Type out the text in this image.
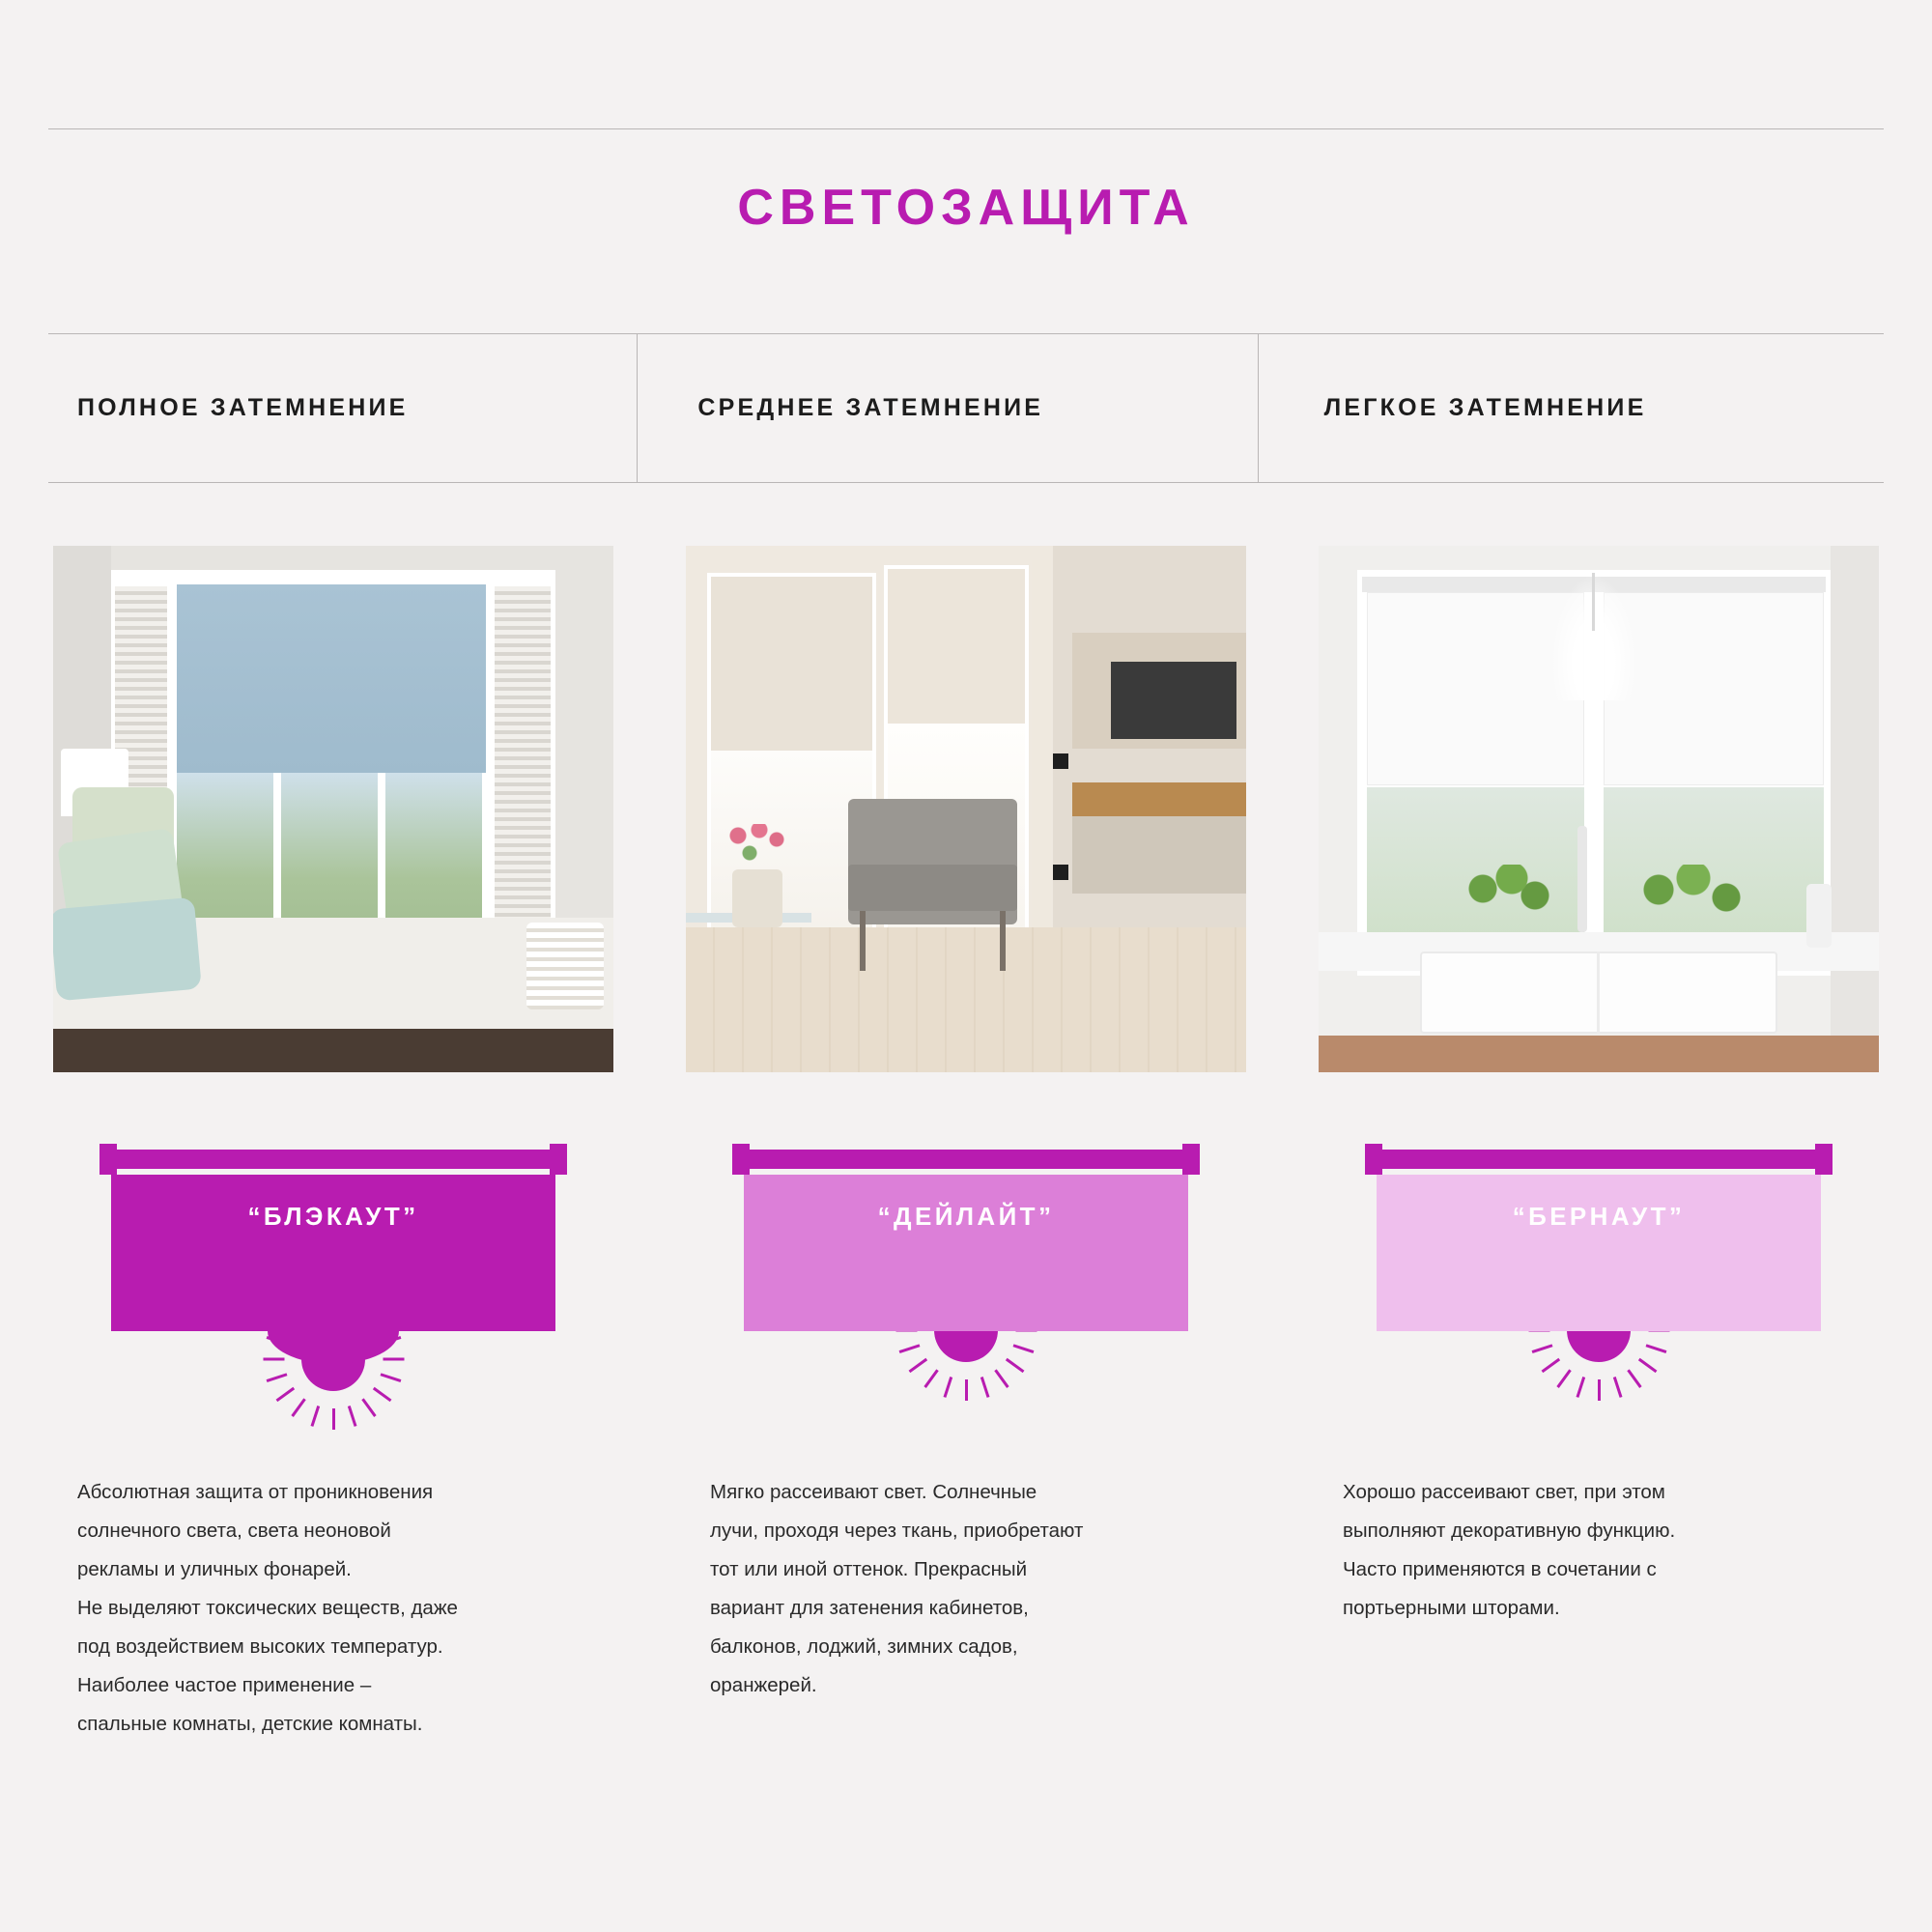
СВЕТОЗАЩИТА
ПОЛНОЕ ЗАТЕМНЕНИЕ	СРЕДНЕЕ ЗАТЕМНЕНИЕ	ЛЕГКОЕ ЗАТЕМНЕНИЕ
“БЛЭКАУТ”

Абсолютная защита от проникновения

солнечного света, света неоновой

рекламы и уличных фонарей.

Не выделяют токсических веществ, даже

под воздействием высоких температур.

Наиболее частое применение –

спальные комнаты, детские комнаты.

“ДЕЙЛАЙТ”

Мягко рассеивают свет. Солнечные

лучи, проходя через ткань, приобретают

тот или иной оттенок. Прекрасный

вариант для затенения кабинетов,

балконов, лоджий, зимних садов,

оранжерей.

“БЕРНАУТ”

Хорошо рассеивают свет, при этом

выполняют декоративную функцию.

Часто применяются в сочетании с

портьерными шторами.
